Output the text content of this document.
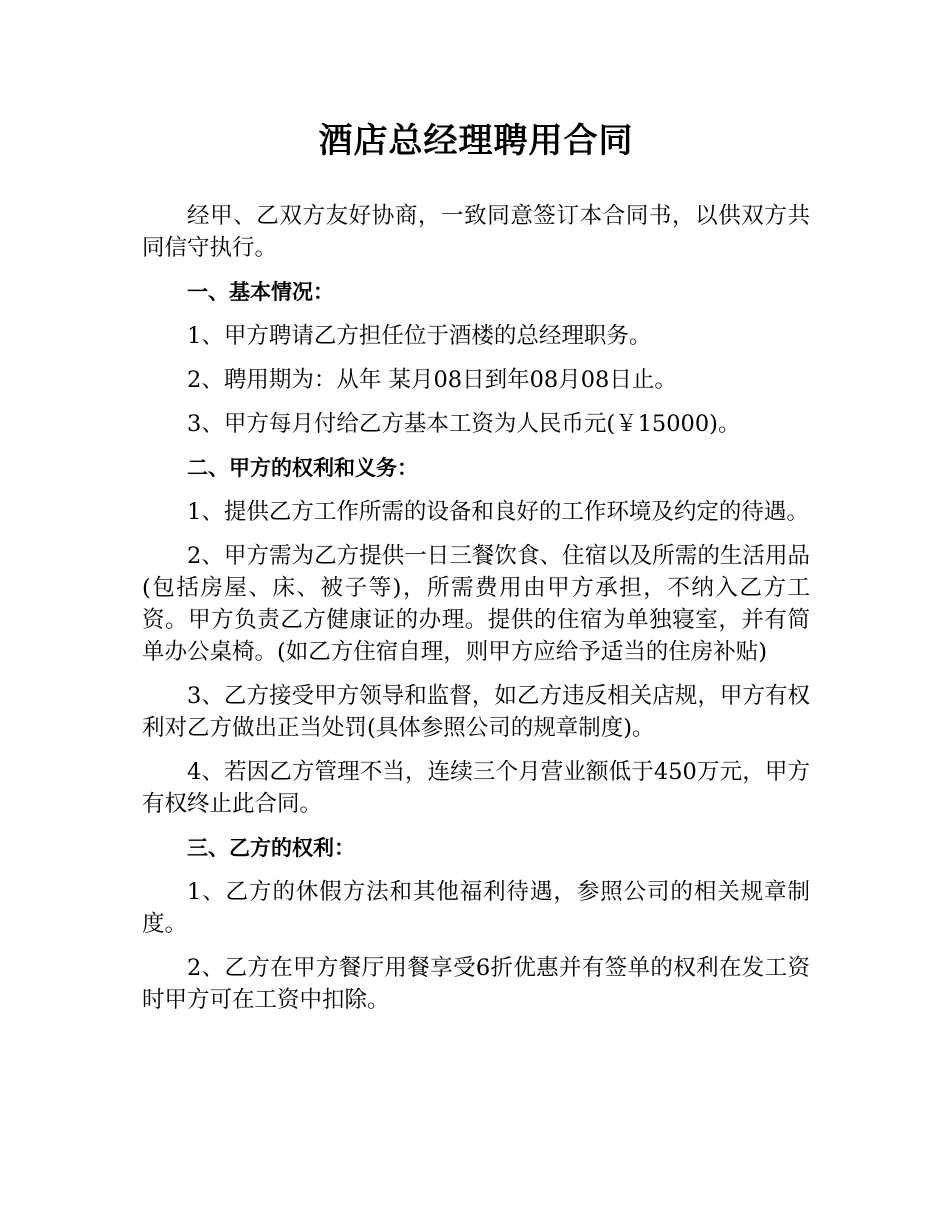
酒店总经理聘用合同

经甲、乙双方友好协商，一致同意签订本合同书，以供双方共同信守执行。

一、基本情况：

1、甲方聘请乙方担任位于酒楼的总经理职务。

2、聘用期为：从年 某月08日到年08月08日止。

3、甲方每月付给乙方基本工资为人民币元(￥15000)。

二、甲方的权利和义务：

1、提供乙方工作所需的设备和良好的工作环境及约定的待遇。

2、甲方需为乙方提供一日三餐饮食、住宿以及所需的生活用品(包括房屋、床、被子等)，所需费用由甲方承担，不纳入乙方工资。甲方负责乙方健康证的办理。提供的住宿为单独寝室，并有简单办公桌椅。(如乙方住宿自理，则甲方应给予适当的住房补贴)

3、乙方接受甲方领导和监督，如乙方违反相关店规，甲方有权利对乙方做出正当处罚(具体参照公司的规章制度)。

4、若因乙方管理不当，连续三个月营业额低于450万元，甲方有权终止此合同。

三、乙方的权利：

1、乙方的休假方法和其他福利待遇，参照公司的相关规章制度。

2、乙方在甲方餐厅用餐享受6折优惠并有签单的权利在发工资时甲方可在工资中扣除。
